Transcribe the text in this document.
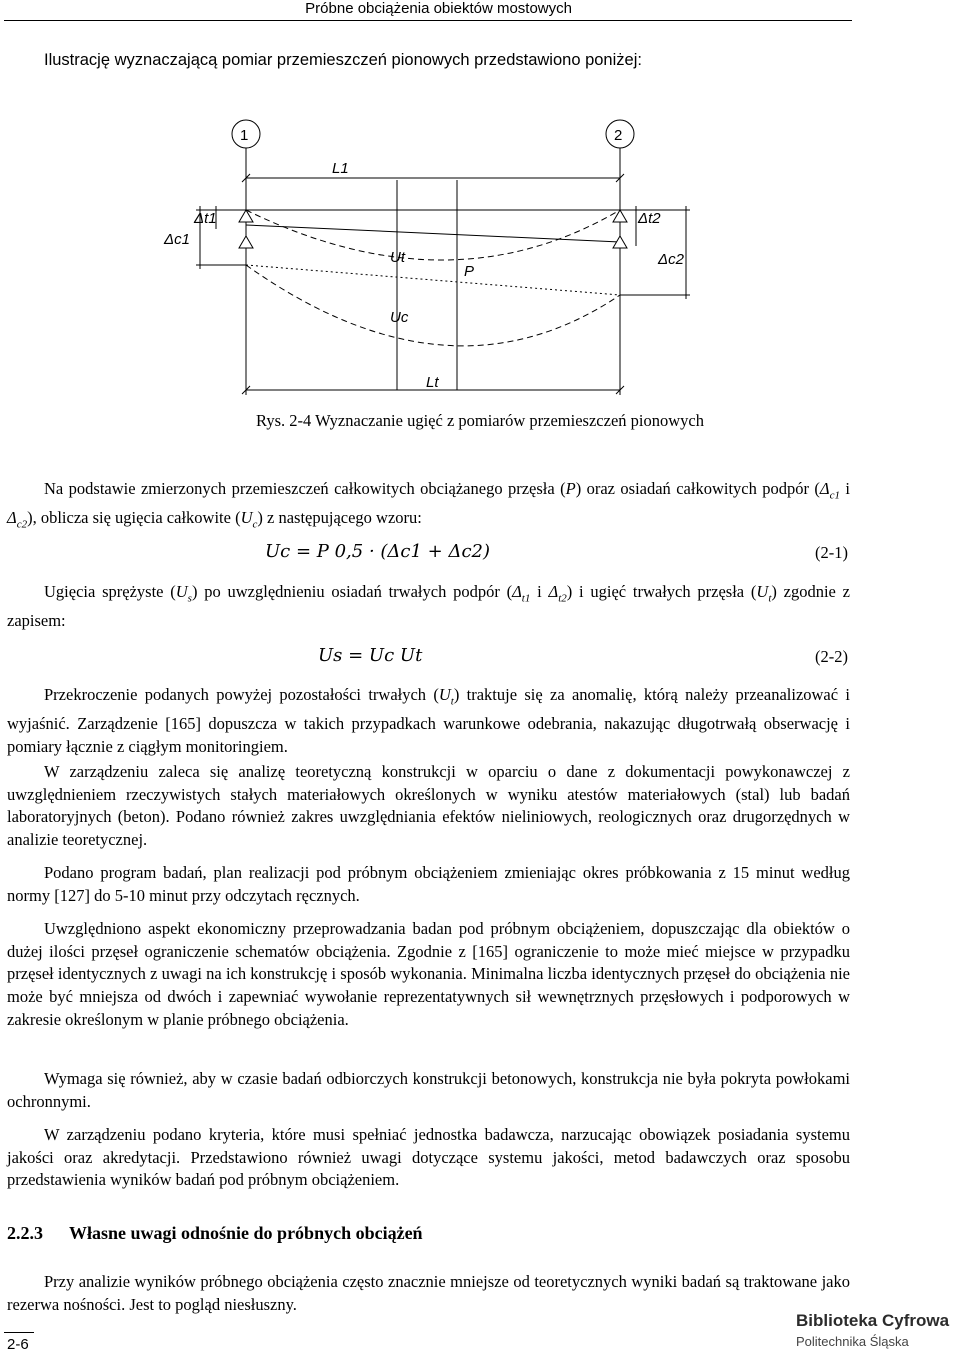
Próbne obciążenia obiektów mostowych
Ilustrację wyznaczającą pomiar przemieszczeń pionowych przedstawiono poniżej:
1	2
L1
Lt
Δc1
Δt1	Δt2
Δc2
Ut
Uc
P
Rys. 2-4 Wyznaczanie ugięć z pomiarów przemieszczeń pionowych
Na podstawie zmierzonych przemieszczeń całkowitych obciążanego przęsła (P) oraz osiadań całkowitych podpór ($\Delta_{c1}$ i $\Delta_{c2}$), oblicza się ugięcia całkowite $(U_c)$ z następującego wzoru:
Uc = P 0,5 · (Δc1 + Δc2)	(2-1)
Ugięcia sprężyste $(U_s)$ po uwzględnieniu osiadań trwałych podpór ($\Delta_{t1}$ i $\Delta_{t2}$) i ugięć trwałych przęsła $(U_t)$ zgodnie z zapisem:
Us = Uc Ut	(2-2)
Przekroczenie podanych powyżej pozostałości trwałych $(U_t)$ traktuje się za anomalię, którą należy przeanalizować i wyjaśnić. Zarządzenie [165] dopuszcza w takich przypadkach warunkowe odebrania, nakazując długotrwałą obserwację i pomiary łącznie z ciągłym monitoringiem.
W zarządzeniu zaleca się analizę teoretyczną konstrukcji w oparciu o dane z dokumentacji powykonawczej z uwzględnieniem rzeczywistych stałych materiałowych określonych w wyniku atestów materiałowych (stal) lub badań laboratoryjnych (beton). Podano również zakres uwzględniania efektów nieliniowych, reologicznych oraz drugorzędnych w analizie teoretycznej.
Podano program badań, plan realizacji pod próbnym obciążeniem zmieniając okres próbkowania z 15 minut według normy [127] do 5-10 minut przy odczytach ręcznych.
Uwzględniono aspekt ekonomiczny przeprowadzania badan pod próbnym obciążeniem, dopuszczając dla obiektów o dużej ilości przęseł ograniczenie schematów obciążenia. Zgodnie z [165] ograniczenie to może mieć miejsce w przypadku przęseł identycznych z uwagi na ich konstrukcję i sposób wykonania. Minimalna liczba identycznych przęseł do obciążenia nie może być mniejsza od dwóch i zapewniać wywołanie reprezentatywnych sił wewnętrznych przęsłowych i podporowych w zakresie określonym w planie próbnego obciążenia.
Wymaga się również, aby w czasie badań odbiorczych konstrukcji betonowych, konstrukcja nie była pokryta powłokami ochronnymi.
W zarządzeniu podano kryteria, które musi spełniać jednostka badawcza, narzucając obowiązek posiadania systemu jakości oraz akredytacji. Przedstawiono również uwagi dotyczące systemu jakości, metod badawczych oraz sposobu przedstawienia wyników badań pod próbnym obciążeniem.
2.2.3 Własne uwagi odnośnie do próbnych obciążeń
Przy analizie wyników próbnego obciążenia często znacznie mniejsze od teoretycznych wyniki badań są traktowane jako rezerwa nośności. Jest to pogląd niesłuszny.
2-6
Biblioteka Cyfrowa
Politechnika Śląska
